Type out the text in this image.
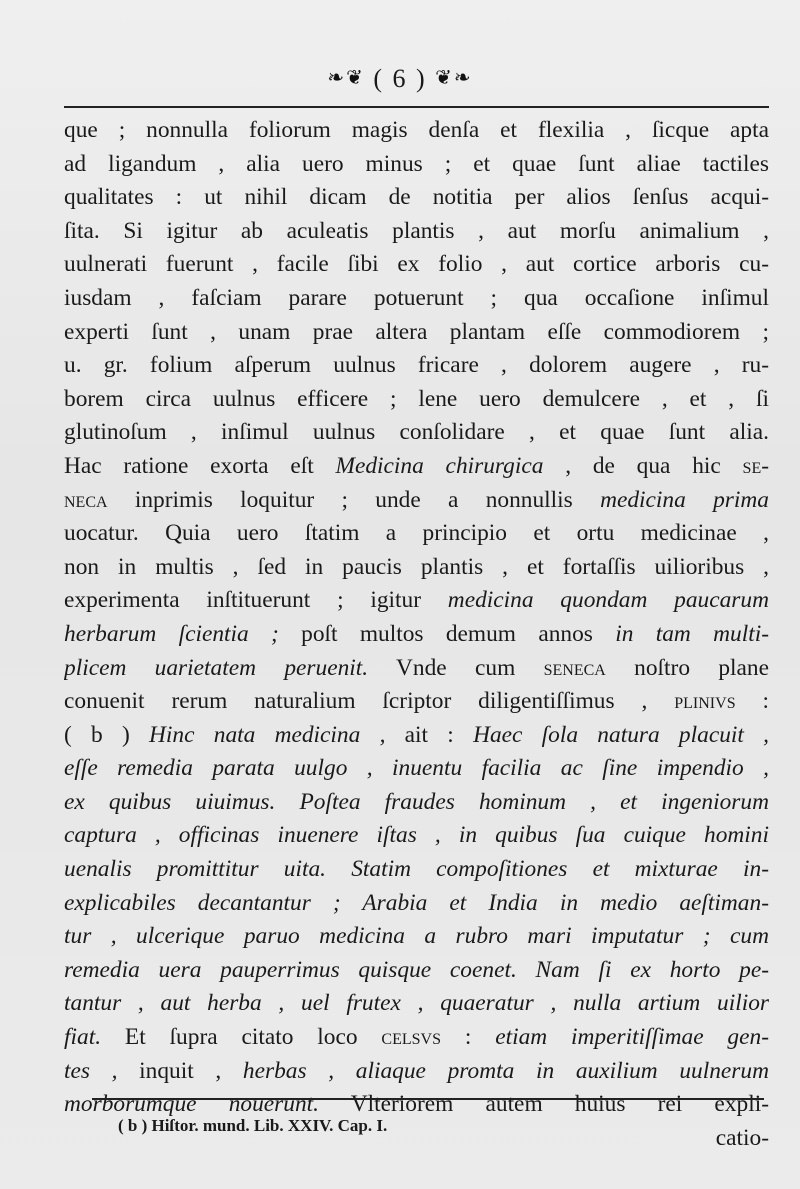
❧❦ ( 6 ) ❦❧
que ; nonnulla foliorum magis denſa et flexilia , ſicque apta
ad ligandum , alia uero minus ; et quae ſunt aliae tactiles
qualitates : ut nihil dicam de notitia per alios ſenſus acqui-
ſita. Si igitur ab aculeatis plantis , aut morſu animalium ,
uulnerati fuerunt , facile ſibi ex folio , aut cortice arboris cu-
iusdam , faſciam parare potuerunt ; qua occaſione inſimul
experti ſunt , unam prae altera plantam eſſe commodiorem ;
u. gr. folium aſperum uulnus fricare , dolorem augere , ru-
borem circa uulnus efficere ; lene uero demulcere , et , ſi
glutinoſum , inſimul uulnus conſolidare , et quae ſunt alia.
Hac ratione exorta eſt Medicina chirurgica , de qua hic se-
neca inprimis loquitur ; unde a nonnullis medicina prima
uocatur. Quia uero ſtatim a principio et ortu medicinae ,
non in multis , ſed in paucis plantis , et fortaſſis uilioribus ,
experimenta inſtituerunt ; igitur medicina quondam paucarum
herbarum ſcientia ; poſt multos demum annos in tam multi-
plicem uarietatem peruenit. Vnde cum seneca noſtro plane
conuenit rerum naturalium ſcriptor diligentiſſimus , plinivs :
( b ) Hinc nata medicina , ait : Haec ſola natura placuit ,
eſſe remedia parata uulgo , inuentu facilia ac ſine impendio ,
ex quibus uiuimus. Poſtea fraudes hominum , et ingeniorum
captura , officinas inuenere iſtas , in quibus ſua cuique homini
uenalis promittitur uita. Statim compoſitiones et mixturae in-
explicabiles decantantur ; Arabia et India in medio aeſtiman-
tur , ulcerique paruo medicina a rubro mari imputatur ; cum
remedia uera pauperrimus quisque coenet. Nam ſi ex horto pe-
tantur , aut herba , uel frutex , quaeratur , nulla artium uilior
fiat. Et ſupra citato loco celsvs : etiam imperitiſſimae gen-
tes , inquit , herbas , aliaque promta in auxilium uulnerum
morborumque nouerunt. Vlteriorem autem huius rei expli-
catio-
( b ) Hiſtor. mund. Lib. XXIV. Cap. I.
